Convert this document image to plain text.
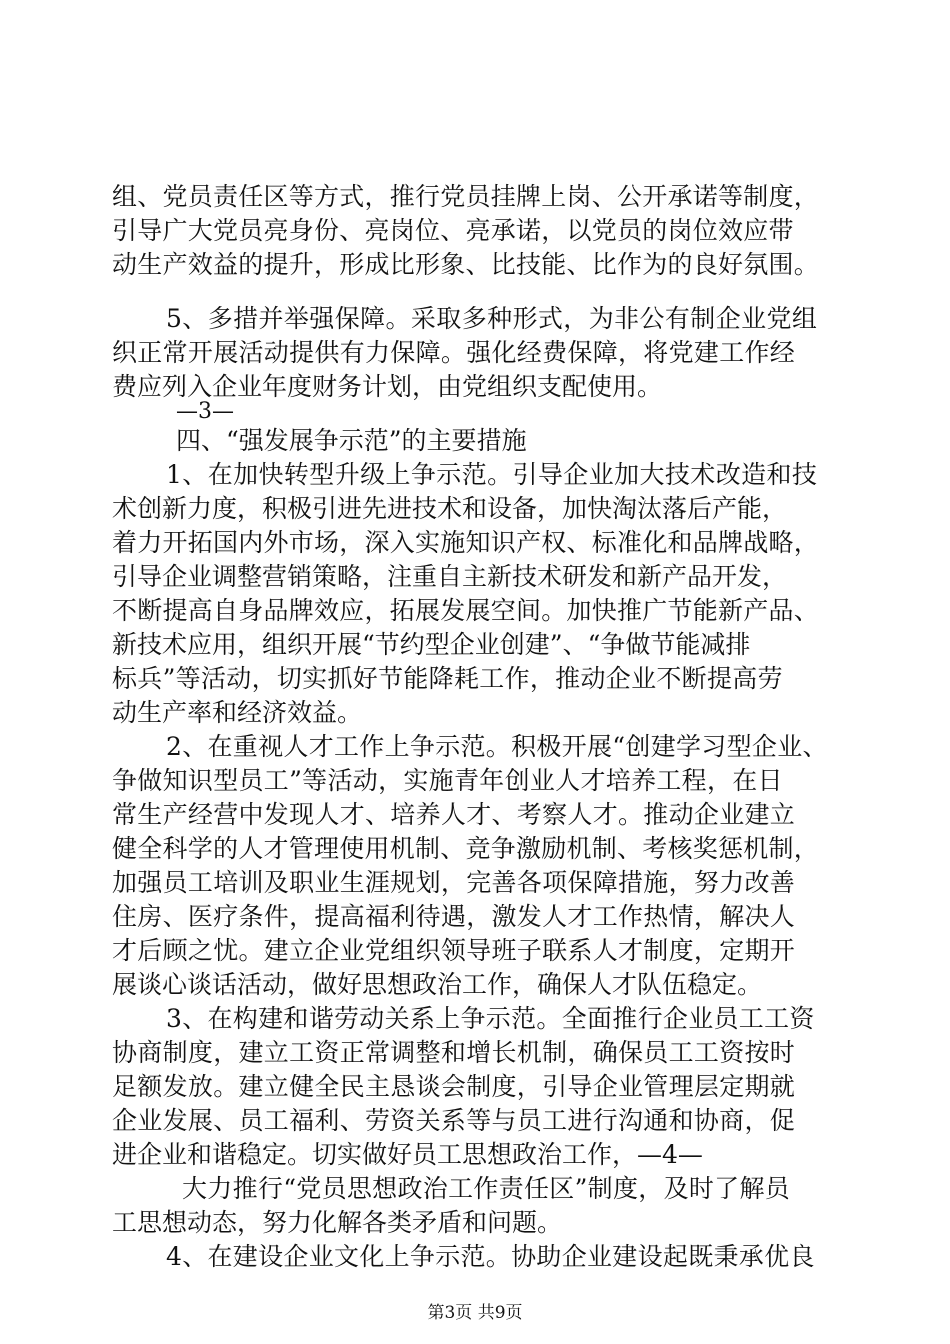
组、党员责任区等方式，推行党员挂牌上岗、公开承诺等制度，
引导广大党员亮身份、亮岗位、亮承诺，以党员的岗位效应带
动生产效益的提升，形成比形象、比技能、比作为的良好氛围。
5、多措并举强保障。采取多种形式，为非公有制企业党组
织正常开展活动提供有力保障。强化经费保障，将党建工作经
费应列入企业年度财务计划，由党组织支配使用。
—3—
四、“强发展争示范”的主要措施
1、在加快转型升级上争示范。引导企业加大技术改造和技
术创新力度，积极引进先进技术和设备，加快淘汰落后产能，
着力开拓国内外市场，深入实施知识产权、标准化和品牌战略，
引导企业调整营销策略，注重自主新技术研发和新产品开发，
不断提高自身品牌效应，拓展发展空间。加快推广节能新产品、
新技术应用，组织开展“节约型企业创建”、“争做节能减排
标兵”等活动，切实抓好节能降耗工作，推动企业不断提高劳
动生产率和经济效益。
2、在重视人才工作上争示范。积极开展“创建学习型企业、
争做知识型员工”等活动，实施青年创业人才培养工程，在日
常生产经营中发现人才、培养人才、考察人才。推动企业建立
健全科学的人才管理使用机制、竞争激励机制、考核奖惩机制，
加强员工培训及职业生涯规划，完善各项保障措施，努力改善
住房、医疗条件，提高福利待遇，激发人才工作热情，解决人
才后顾之忧。建立企业党组织领导班子联系人才制度，定期开
展谈心谈话活动，做好思想政治工作，确保人才队伍稳定。
3、在构建和谐劳动关系上争示范。全面推行企业员工工资
协商制度，建立工资正常调整和增长机制，确保员工工资按时
足额发放。建立健全民主恳谈会制度，引导企业管理层定期就
企业发展、员工福利、劳资关系等与员工进行沟通和协商，促
进企业和谐稳定。切实做好员工思想政治工作，—4—
大力推行“党员思想政治工作责任区”制度，及时了解员
工思想动态，努力化解各类矛盾和问题。
4、在建设企业文化上争示范。协助企业建设起既秉承优良
第3页 共9页
